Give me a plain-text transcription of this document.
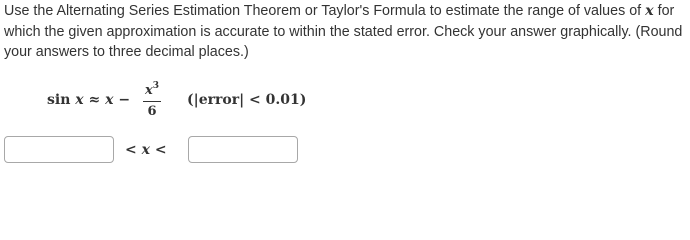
Use the Alternating Series Estimation Theorem or Taylor's Formula to estimate the range of values of x for which the given approximation is accurate to within the stated error. Check your answer graphically. (Round your answers to three decimal places.)

sin x ≈ x −
$x^3$
6
(|error| < 0.01)
< x <
